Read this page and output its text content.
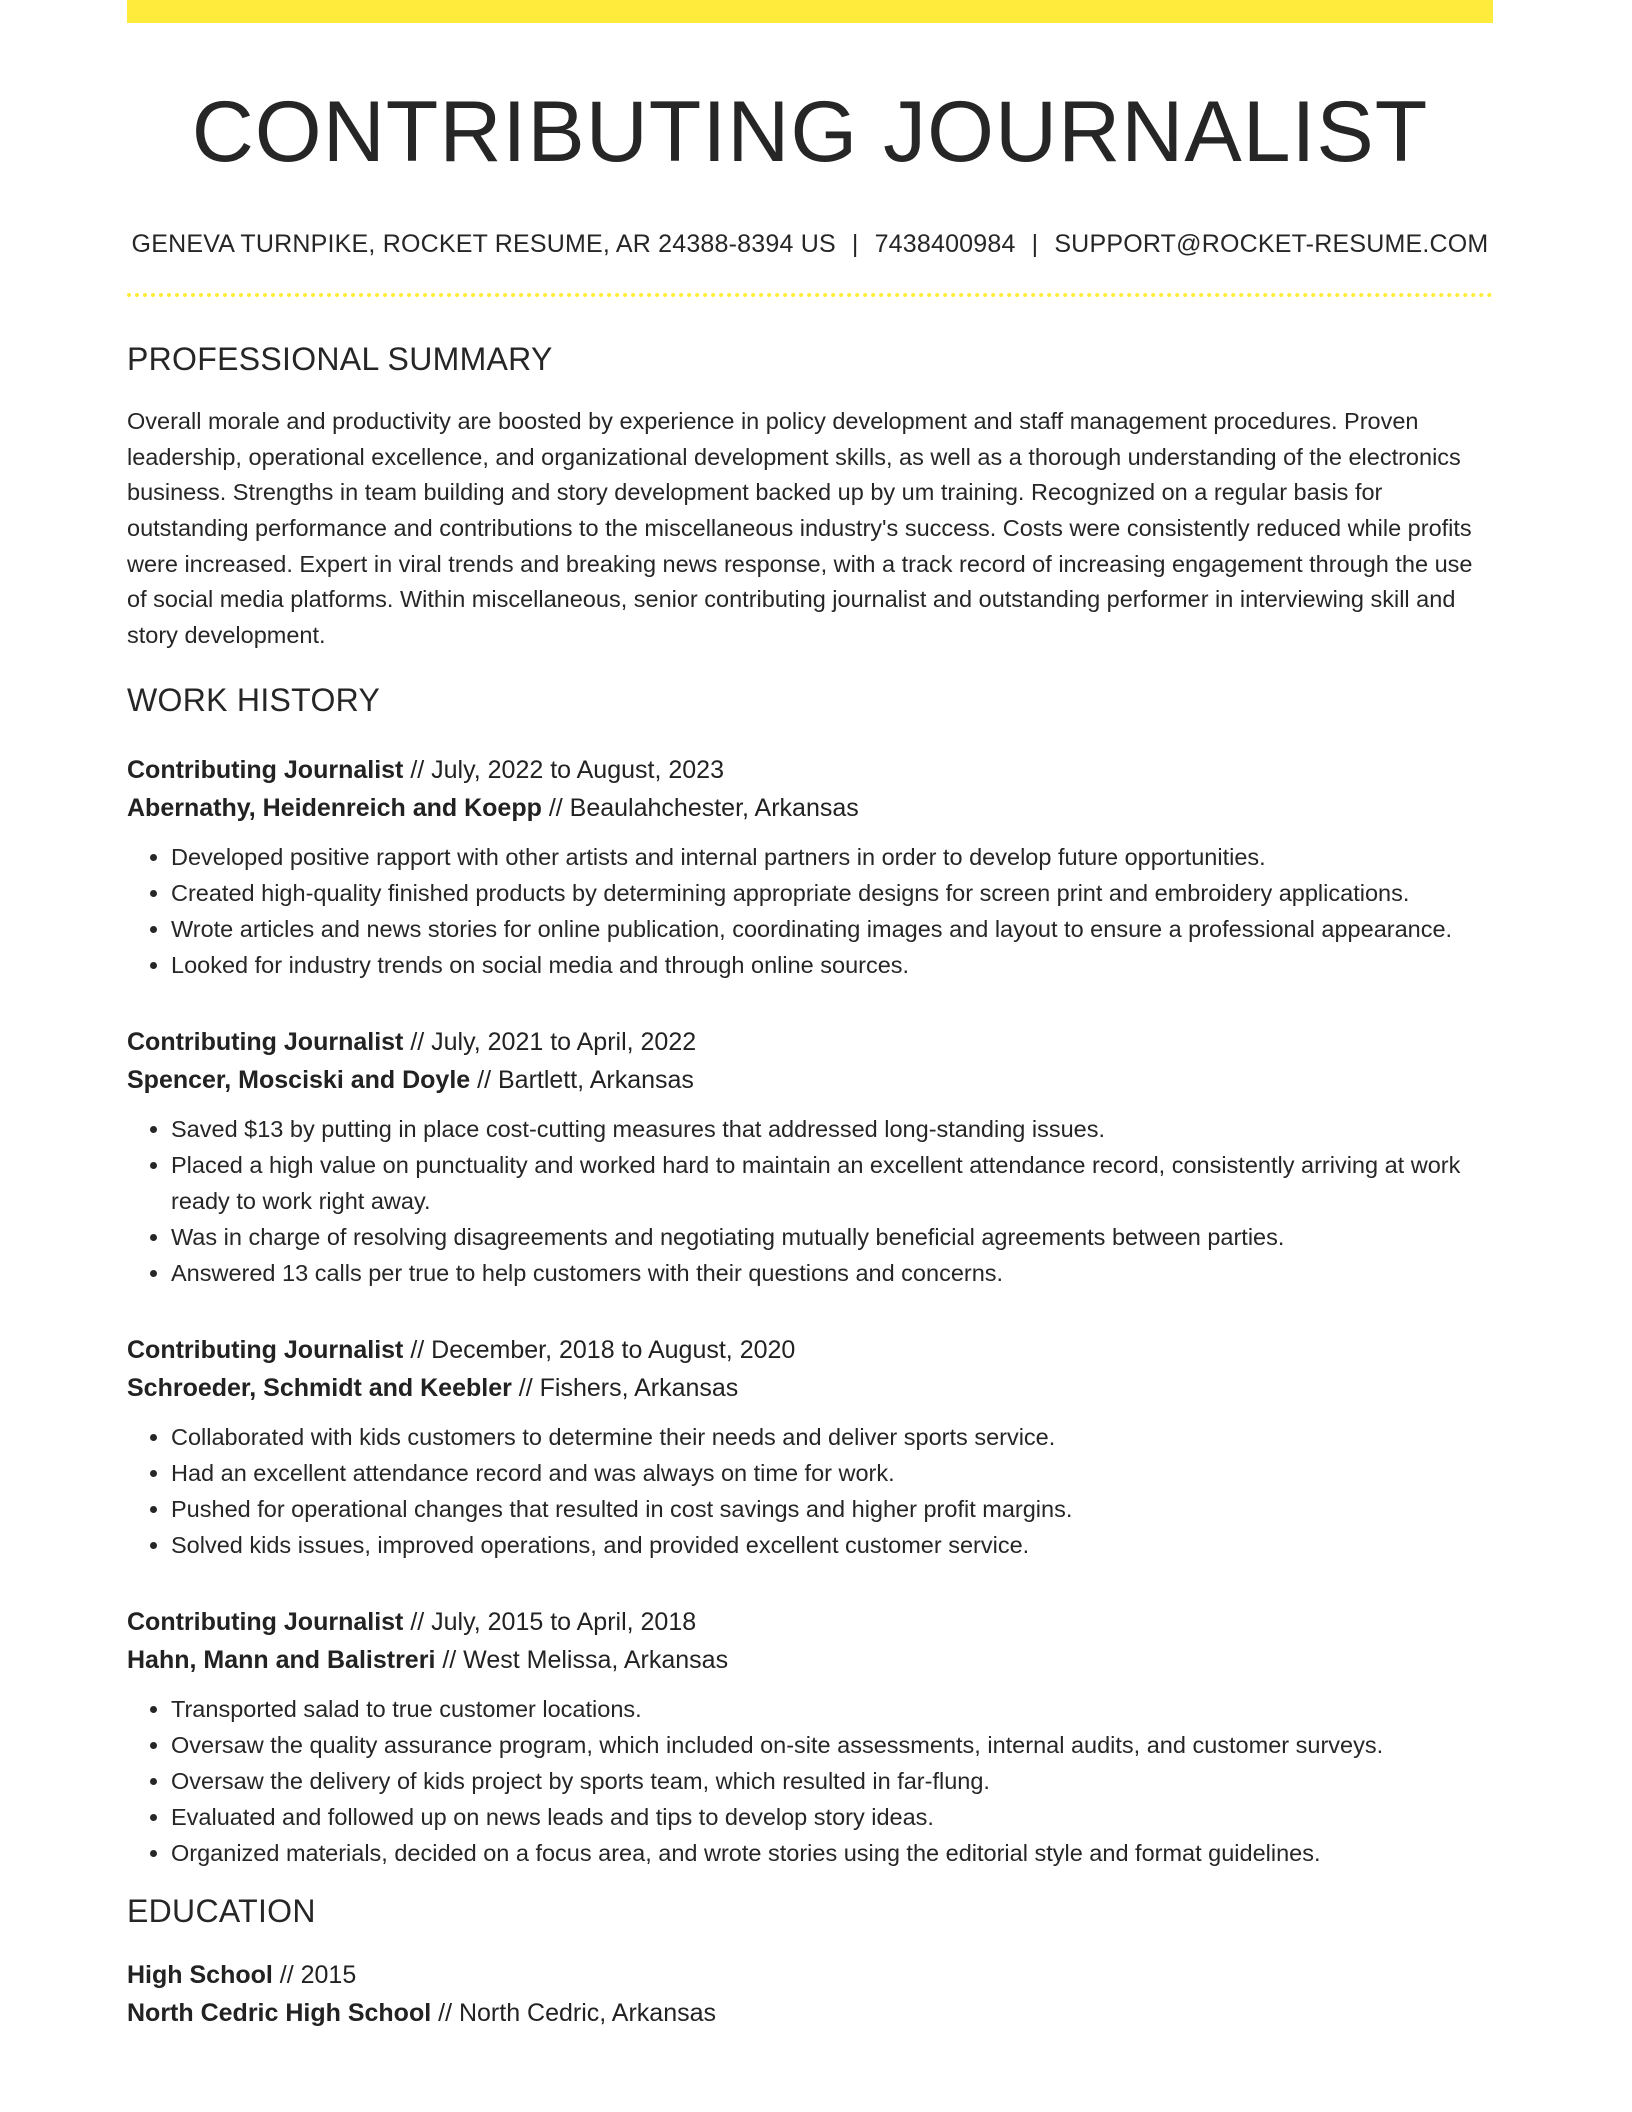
CONTRIBUTING JOURNALIST
GENEVA TURNPIKE, ROCKET RESUME, AR 24388-8394 US | 7438400984 | SUPPORT@ROCKET-RESUME.COM
PROFESSIONAL SUMMARY

Overall morale and productivity are boosted by experience in policy development and staff management procedures. Proven leadership, operational excellence, and organizational development skills, as well as a thorough understanding of the electronics business. Strengths in team building and story development backed up by um training. Recognized on a regular basis for outstanding performance and contributions to the miscellaneous industry's success. Costs were consistently reduced while profits were increased. Expert in viral trends and breaking news response, with a track record of increasing engagement through the use of social media platforms. Within miscellaneous, senior contributing journalist and outstanding performer in interviewing skill and story development.

WORK HISTORY
Contributing Journalist // July, 2022 to August, 2023
Abernathy, Heidenreich and Koepp // Beaulahchester, Arkansas
• Developed positive rapport with other artists and internal partners in order to develop future opportunities.
• Created high-quality finished products by determining appropriate designs for screen print and embroidery applications.
• Wrote articles and news stories for online publication, coordinating images and layout to ensure a professional appearance.
• Looked for industry trends on social media and through online sources.
Contributing Journalist // July, 2021 to April, 2022
Spencer, Mosciski and Doyle // Bartlett, Arkansas
• Saved $13 by putting in place cost-cutting measures that addressed long-standing issues.
• Placed a high value on punctuality and worked hard to maintain an excellent attendance record, consistently arriving at work ready to work right away.
• Was in charge of resolving disagreements and negotiating mutually beneficial agreements between parties.
• Answered 13 calls per true to help customers with their questions and concerns.
Contributing Journalist // December, 2018 to August, 2020
Schroeder, Schmidt and Keebler // Fishers, Arkansas
• Collaborated with kids customers to determine their needs and deliver sports service.
• Had an excellent attendance record and was always on time for work.
• Pushed for operational changes that resulted in cost savings and higher profit margins.
• Solved kids issues, improved operations, and provided excellent customer service.
Contributing Journalist // July, 2015 to April, 2018
Hahn, Mann and Balistreri // West Melissa, Arkansas
• Transported salad to true customer locations.
• Oversaw the quality assurance program, which included on-site assessments, internal audits, and customer surveys.
• Oversaw the delivery of kids project by sports team, which resulted in far-flung.
• Evaluated and followed up on news leads and tips to develop story ideas.
• Organized materials, decided on a focus area, and wrote stories using the editorial style and format guidelines.
EDUCATION
High School // 2015
North Cedric High School // North Cedric, Arkansas
